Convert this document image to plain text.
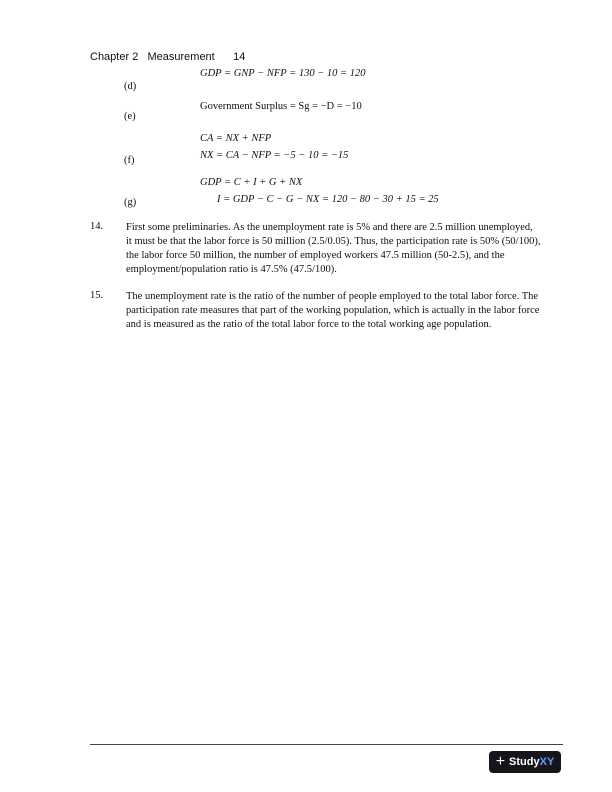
Chapter 2 Measurement 14
(d)
GDP = GNP − NFP = 130 − 10 = 120
(e)
Government Surplus = Sg = −D = −10
(f)
CA = NX + NFP
NX = CA − NFP = −5 − 10 = −15
(g)
GDP = C + I + G + NX
I = GDP − C − G − NX = 120 − 80 − 30 + 15 = 25
14. First some preliminaries. As the unemployment rate is 5% and there are 2.5 million unemployed,
it must be that the labor force is 50 million (2.5/0.05). Thus, the participation rate is 50% (50/100),
the labor force 50 million, the number of employed workers 47.5 million (50-2.5), and the
employment/population ratio is 47.5% (47.5/100).
15. The unemployment rate is the ratio of the number of people employed to the total labor force. The
participation rate measures that part of the working population, which is actually in the labor force
and is measured as the ratio of the total labor force to the total working age population.
+ Study XY
